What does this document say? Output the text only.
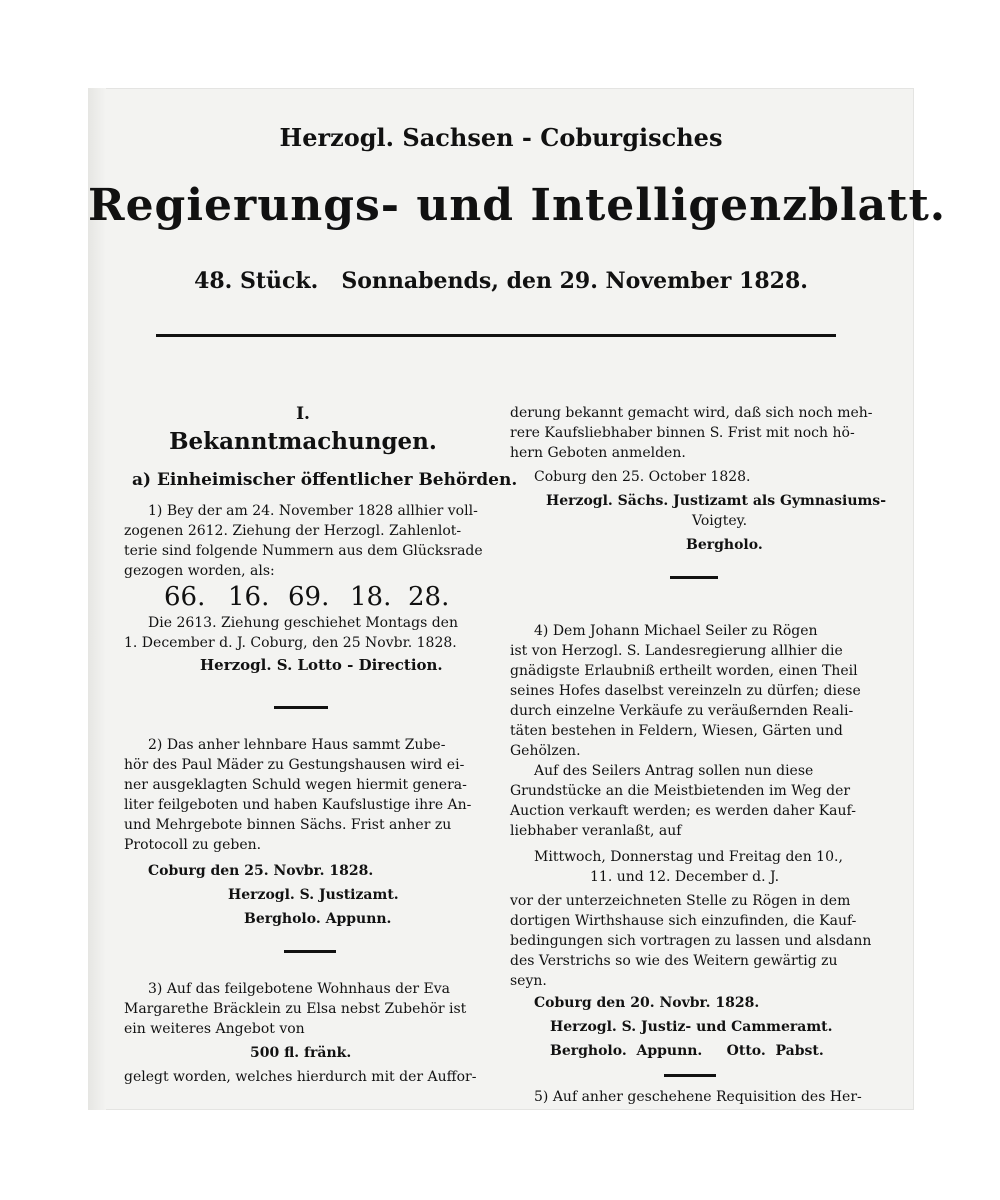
Herzogl. Sachsen - Coburgisches
Regierungs- und Intelligenzblatt.
48. Stück.   Sonnabends, den 29. November 1828.
I.
Bekanntmachungen.
a) Einheimischer öffentlicher Behörden.
1) Bey der am 24. November 1828 allhier voll-
zogenen 2612. Ziehung der Herzogl. Zahlenlot-
terie sind folgende Nummern aus dem Glücksrade
gezogen worden, als:
66. 16. 69. 18. 28.
Die 2613. Ziehung geschiehet Montags den
1. December d. J. Coburg, den 25 Novbr. 1828.
Herzogl. S. Lotto - Direction.
2) Das anher lehnbare Haus sammt Zube-
hör des Paul Mäder zu Gestungshausen wird ei-
ner ausgeklagten Schuld wegen hiermit generа-
liter feilgeboten und haben Kaufslustige ihre An-
und Mehrgebote binnen Sächs. Frist anher zu
Protocoll zu geben.
Coburg den 25. Novbr. 1828.
Herzogl. S. Justizamt.
Bergholo. Appunn.
3) Auf das feilgebotene Wohnhaus der Eva
Margarethe Bräcklein zu Elsa nebst Zubehör ist
ein weiteres Angebot von
500 fl. fränk.
gelegt worden, welches hierdurch mit der Auffor-
derung bekannt gemacht wird, daß sich noch meh-
rere Kaufsliebhaber binnen S. Frist mit noch hö-
hern Geboten anmelden.
Coburg den 25. October 1828.
Herzogl. Sächs. Justizamt als Gymnasiums-
Voigtey.
Bergholo.
4) Dem Johann Michael Seiler zu Rögen
ist von Herzogl. S. Landesregierung allhier die
gnädigste Erlaubniß ertheilt worden, einen Theil
seines Hofes daselbst vereinzeln zu dürfen; diese
durch einzelne Verkäufe zu veräußernden Reali-
täten bestehen in Feldern, Wiesen, Gärten und
Gehölzen.
Auf des Seilers Antrag sollen nun diese
Grundstücke an die Meistbietenden im Weg der
Auction verkauft werden; es werden daher Kauf-
liebhaber veranlaßt, auf
Mittwoch, Donnerstag und Freitag den 10.,
11. und 12. December d. J.
vor der unterzeichneten Stelle zu Rögen in dem
dortigen Wirthshause sich einzufinden, die Kauf-
bedingungen sich vortragen zu lassen und alsdann
des Verstrichs so wie des Weitern gewärtig zu
seyn.
Coburg den 20. Novbr. 1828.
Herzogl. S. Justiz- und Cammeramt.
Bergholo.  Appunn.     Otto.  Pabst.
5) Auf anher geschehene Requisition des Her-
